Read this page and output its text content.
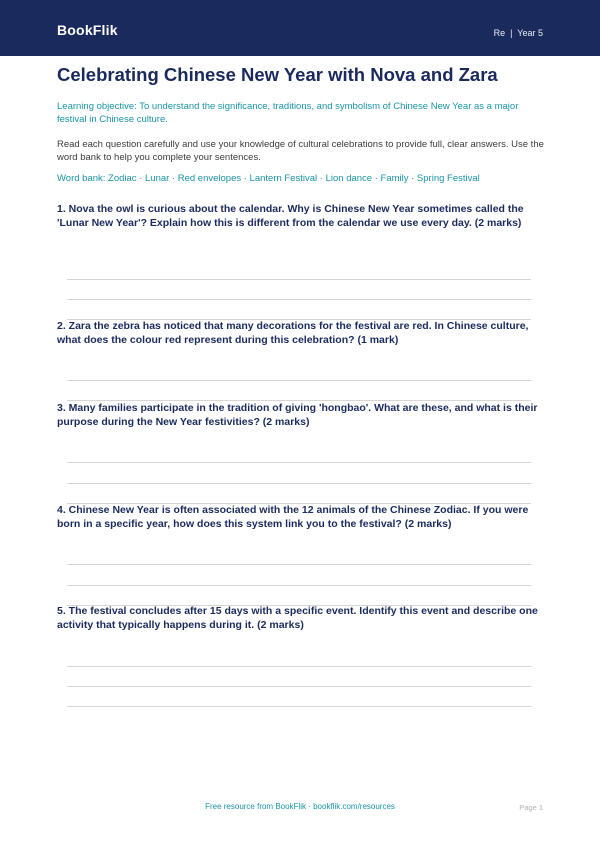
BookFlik	Re  |  Year 5
Celebrating Chinese New Year with Nova and Zara
Learning objective: To understand the significance, traditions, and symbolism of Chinese New Year as a major festival in Chinese culture.
Read each question carefully and use your knowledge of cultural celebrations to provide full, clear answers. Use the word bank to help you complete your sentences.
Word bank: Zodiac · Lunar · Red envelopes · Lantern Festival · Lion dance · Family · Spring Festival
1. Nova the owl is curious about the calendar. Why is Chinese New Year sometimes called the 'Lunar New Year'? Explain how this is different from the calendar we use every day. (2 marks)
2. Zara the zebra has noticed that many decorations for the festival are red. In Chinese culture, what does the colour red represent during this celebration? (1 mark)
3. Many families participate in the tradition of giving 'hongbao'. What are these, and what is their purpose during the New Year festivities? (2 marks)
4. Chinese New Year is often associated with the 12 animals of the Chinese Zodiac. If you were born in a specific year, how does this system link you to the festival? (2 marks)
5. The festival concludes after 15 days with a specific event. Identify this event and describe one activity that typically happens during it. (2 marks)
Free resource from BookFlik · bookflik.com/resources	Page 1
